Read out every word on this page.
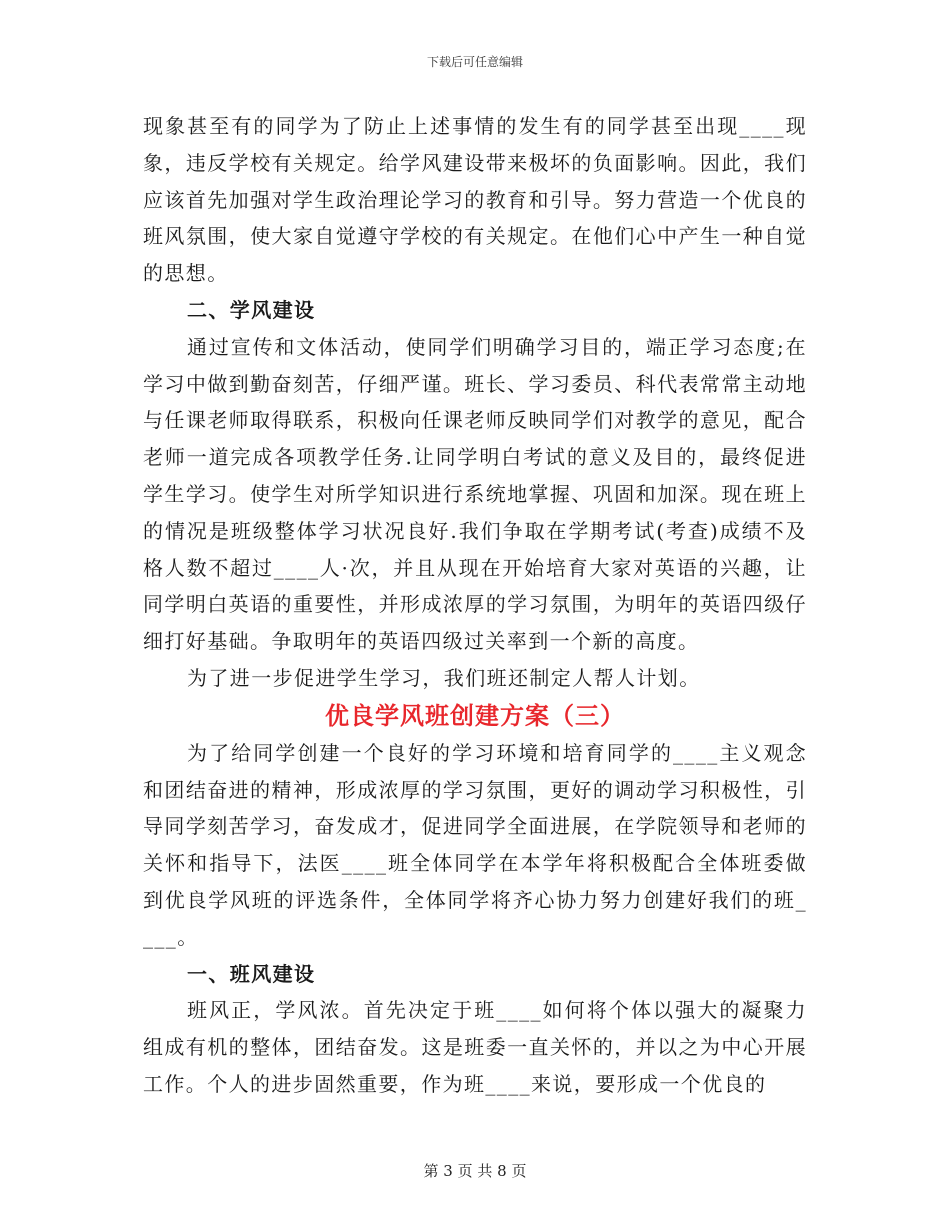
下载后可任意编辑

现象甚至有的同学为了防止上述事情的发生有的同学甚至出现____现象，违反学校有关规定。给学风建设带来极坏的负面影响。因此，我们应该首先加强对学生政治理论学习的教育和引导。努力营造一个优良的班风氛围，使大家自觉遵守学校的有关规定。在他们心中产生一种自觉的思想。

二、学风建设

通过宣传和文体活动，使同学们明确学习目的，端正学习态度;在学习中做到勤奋刻苦，仔细严谨。班长、学习委员、科代表常常主动地与任课老师取得联系，积极向任课老师反映同学们对教学的意见，配合老师一道完成各项教学任务.让同学明白考试的意义及目的，最终促进学生学习。使学生对所学知识进行系统地掌握、巩固和加深。现在班上的情况是班级整体学习状况良好.我们争取在学期考试(考查)成绩不及格人数不超过____人·次，并且从现在开始培育大家对英语的兴趣，让同学明白英语的重要性，并形成浓厚的学习氛围，为明年的英语四级仔细打好基础。争取明年的英语四级过关率到一个新的高度。

为了进一步促进学生学习，我们班还制定人帮人计划。

优良学风班创建方案（三）

为了给同学创建一个良好的学习环境和培育同学的____主义观念和团结奋进的精神，形成浓厚的学习氛围，更好的调动学习积极性，引导同学刻苦学习，奋发成才，促进同学全面进展，在学院领导和老师的关怀和指导下，法医____班全体同学在本学年将积极配合全体班委做到优良学风班的评选条件，全体同学将齐心协力努力创建好我们的班____。

一、班风建设

班风正，学风浓。首先决定于班____如何将个体以强大的凝聚力组成有机的整体，团结奋发。这是班委一直关怀的，并以之为中心开展工作。个人的进步固然重要，作为班____来说，要形成一个优良的

第 3 页 共 8 页
